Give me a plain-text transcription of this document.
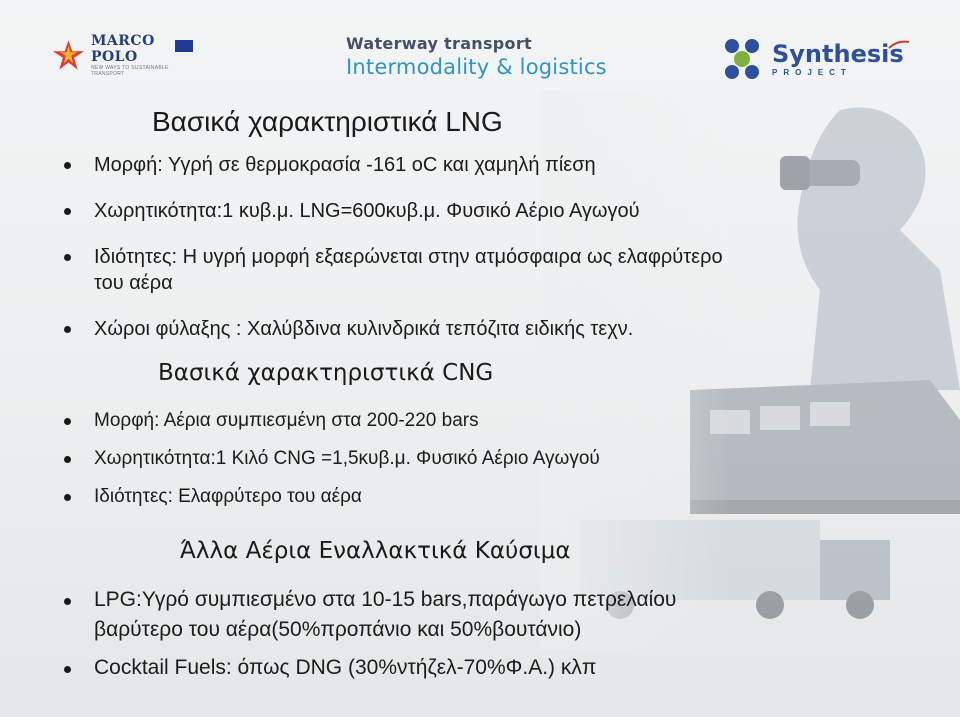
MARCO POLO
NEW WAYS TO SUSTAINABLE TRANSPORT
Waterway transport
Intermodality & logistics	Synthesis
PROJECT
Βασικά χαρακτηριστικά LNG
Μορφή: Υγρή σε θερμοκρασία -161 oC και χαμηλή πίεση
Χωρητικότητα:1 κυβ.μ. LNG=600κυβ.μ. Φυσικό Αέριο Αγωγού
Ιδιότητες: Η υγρή μορφή εξαερώνεται στην ατμόσφαιρα ως ελαφρύτερο
του αέρα
Χώροι φύλαξης : Χαλύβδινα κυλινδρικά τεπόζιτα ειδικής τεχν.
Βασικά χαρακτηριστικά CNG
Μορφή: Αέρια συμπιεσμένη στα 200-220 bars
Χωρητικότητα:1 Κιλό CNG =1,5κυβ.μ. Φυσικό Αέριο Αγωγού
Ιδιότητες: Ελαφρύτερο του αέρα
Άλλα Αέρια Εναλλακτικά Καύσιμα
LPG:Υγρό συμπιεσμένο στα 10-15 bars,παράγωγο πετρελαίου
βαρύτερο του αέρα(50%προπάνιο και 50%βουτάνιο)
Cocktail Fuels: όπως DNG (30%ντήζελ-70%Φ.Α.) κλπ
